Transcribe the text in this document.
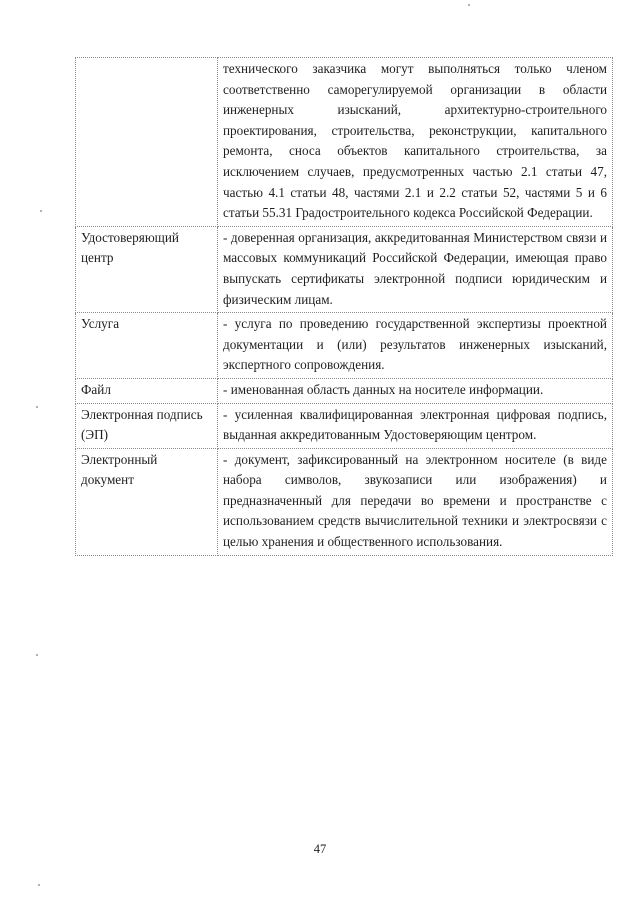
	технического заказчика могут выполняться только членом соответственно саморегулируемой организации в области инженерных изысканий, архитектурно-строительного проектирования, строительства, реконструкции, капитального ремонта, сноса объектов капитального строительства, за исключением случаев, предусмотренных частью 2.1 статьи 47, частью 4.1 статьи 48, частями 2.1 и 2.2 статьи 52, частями 5 и 6 статьи 55.31 Градостроительного кодекса Российской Федерации.
Удостоверяющий центр	- доверенная организация, аккредитованная Министерством связи и массовых коммуникаций Российской Федерации, имеющая право выпускать сертификаты электронной подписи юридическим и физическим лицам.
Услуга	- услуга по проведению государственной экспертизы проектной документации и (или) результатов инженерных изысканий, экспертного сопровождения.
Файл	- именованная область данных на носителе информации.
Электронная подпись (ЭП)	- усиленная квалифицированная электронная цифровая подпись, выданная аккредитованным Удостоверяющим центром.
Электронный документ	- документ, зафиксированный на электронном носителе (в виде набора символов, звукозаписи или изображения) и предназначенный для передачи во времени и пространстве с использованием средств вычислительной техники и электросвязи с целью хранения и общественного использования.
47
